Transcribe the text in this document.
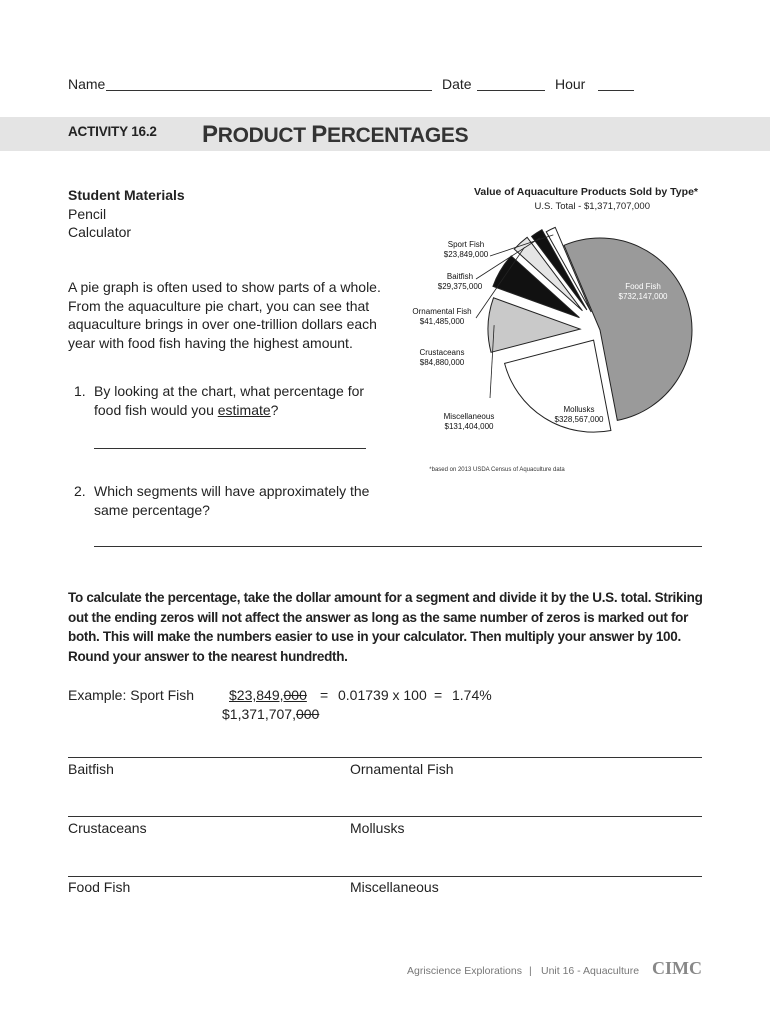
Name	Date	Hour
ACTIVITY 16.2 PRODUCT PERCENTAGES
Student Materials
Pencil
Calculator
A pie graph is often used to show parts of a whole. From the aquaculture pie chart, you can see that aquaculture brings in over one-trillion dollars each year with food fish having the highest amount.
1. By looking at the chart, what percentage for food fish would you estimate?
2. Which segments will have approximately the same percentage?
Value of Aquaculture Products Sold by Type*
U.S. Total - $1,371,707,000
Food Fish
$732,147,000
Mollusks
$328,567,000
Miscellaneous
$131,404,000
Crustaceans
$84,880,000
Ornamental Fish
$41,485,000
Baitfish
$29,375,000
Sport Fish
$23,849,000
*based on 2013 USDA Census of Aquaculture data
To calculate the percentage, take the dollar amount for a segment and divide it by the U.S. total. Striking out the ending zeros will not affect the answer as long as the same number of zeros is marked out for both. This will make the numbers easier to use in your calculator. Then multiply your answer by 100. Round your answer to the nearest hundredth.
Example: Sport Fish $23,849,000
$1,371,707,000
= 0.01739 x 100 = 1.74%
Baitfish	Ornamental Fish
Crustaceans	Mollusks
Food Fish	Miscellaneous
Agriscience Explorations | Unit 16 - Aquaculture CIMC
